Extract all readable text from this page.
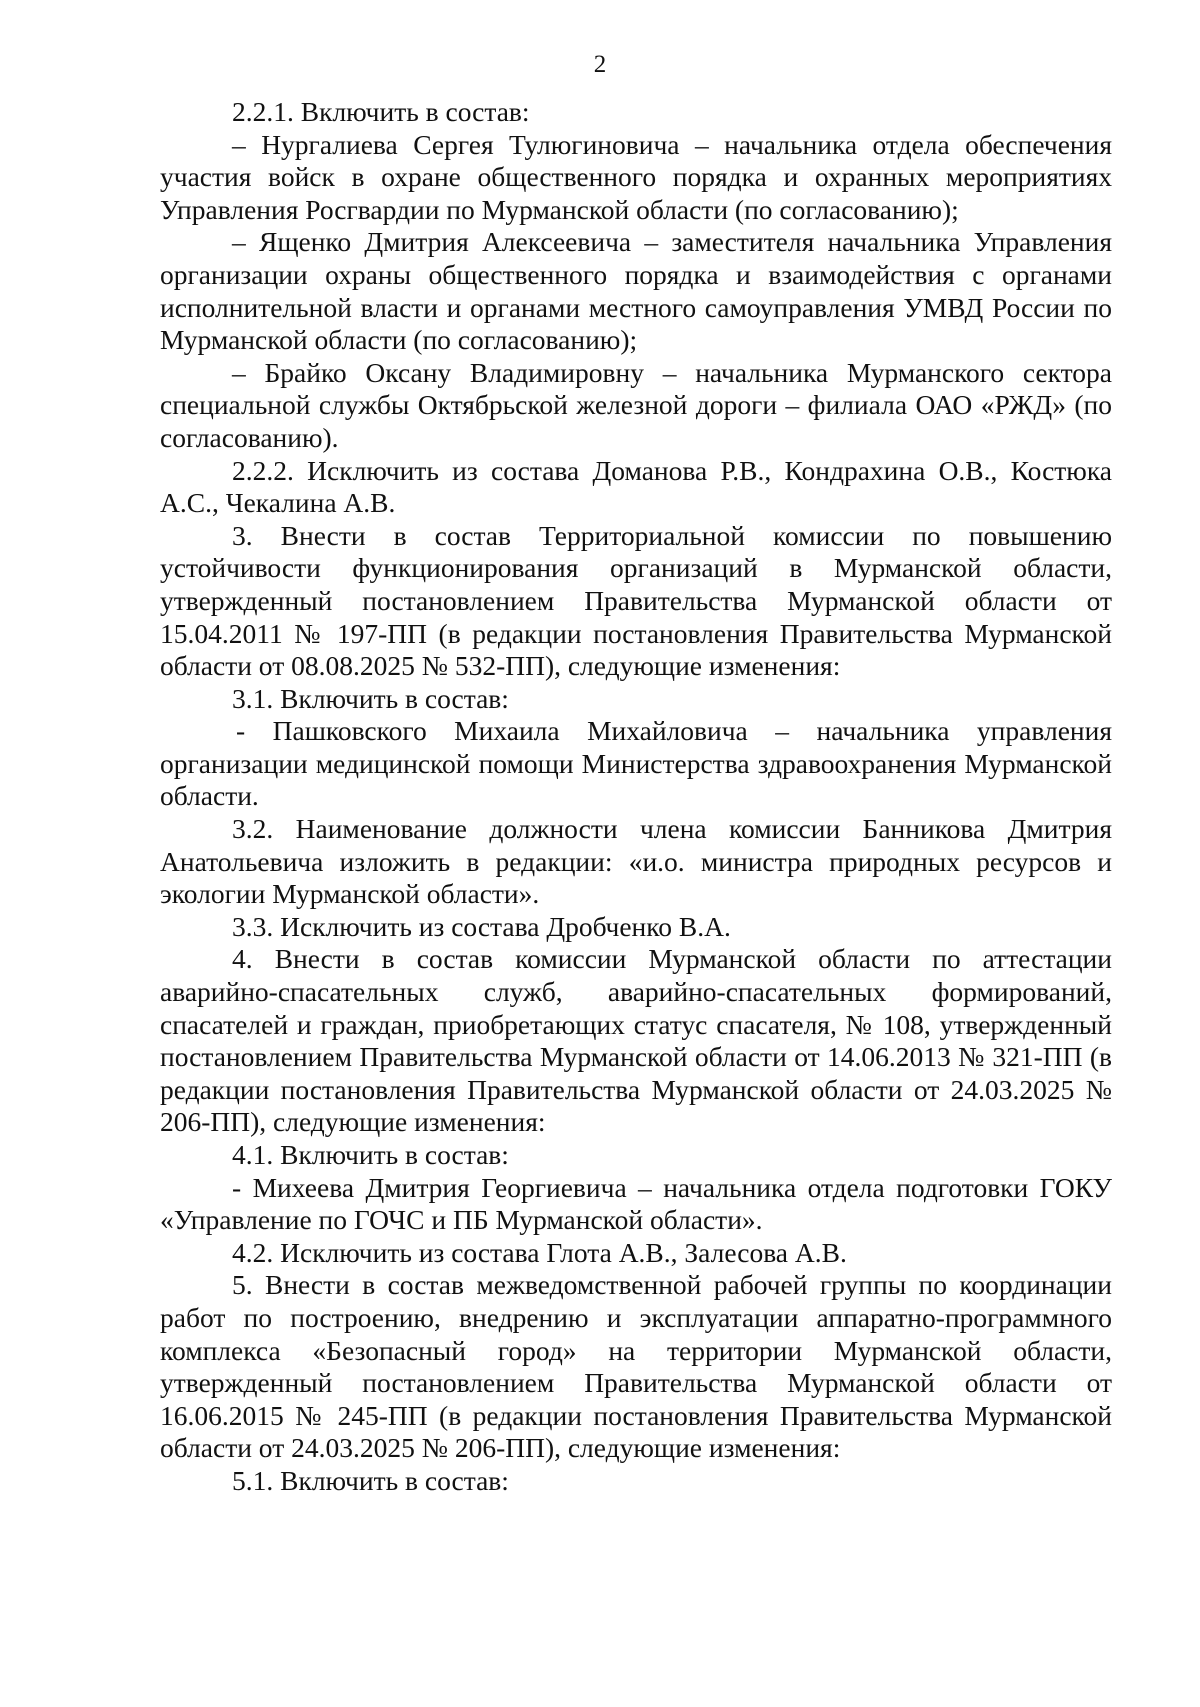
2

2.2.1. Включить в состав:

– Нургалиева Сергея Тулюгиновича – начальника отдела обеспечения участия войск в охране общественного порядка и охранных мероприятиях Управления Росгвардии по Мурманской области (по согласованию);

– Ященко Дмитрия Алексеевича – заместителя начальника Управления организации охраны общественного порядка и взаимодействия с органами исполнительной власти и органами местного самоуправления УМВД России по Мурманской области (по согласованию);

– Брайко Оксану Владимировну – начальника Мурманского сектора специальной службы Октябрьской железной дороги – филиала ОАО «РЖД» (по согласованию).

2.2.2. Исключить из состава Доманова Р.В., Кондрахина О.В., Костюка А.С., Чекалина А.В.

3. Внести в состав Территориальной комиссии по повышению устойчивости функционирования организаций в Мурманской области, утвержденный постановлением Правительства Мурманской области от 15.04.2011 № 197-ПП (в редакции постановления Правительства Мурманской области от 08.08.2025 № 532-ПП), следующие изменения:

3.1. Включить в состав:

- Пашковского Михаила Михайловича – начальника управления организации медицинской помощи Министерства здравоохранения Мурманской области.

3.2. Наименование должности члена комиссии Банникова Дмитрия Анатольевича изложить в редакции: «и.о. министра природных ресурсов и экологии Мурманской области».

3.3. Исключить из состава Дробченко В.А.

4. Внести в состав комиссии Мурманской области по аттестации аварийно-спасательных служб, аварийно-спасательных формирований, спасателей и граждан, приобретающих статус спасателя, № 108, утвержденный постановлением Правительства Мурманской области от 14.06.2013 № 321-ПП (в редакции постановления Правительства Мурманской области от 24.03.2025 № 206-ПП), следующие изменения:

4.1. Включить в состав:

- Михеева Дмитрия Георгиевича – начальника отдела подготовки ГОКУ «Управление по ГОЧС и ПБ Мурманской области».

4.2. Исключить из состава Глота А.В., Залесова А.В.

5. Внести в состав межведомственной рабочей группы по координации работ по построению, внедрению и эксплуатации аппаратно-программного комплекса «Безопасный город» на территории Мурманской области, утвержденный постановлением Правительства Мурманской области от 16.06.2015 № 245-ПП (в редакции постановления Правительства Мурманской области от 24.03.2025 № 206-ПП), следующие изменения:

5.1. Включить в состав:
